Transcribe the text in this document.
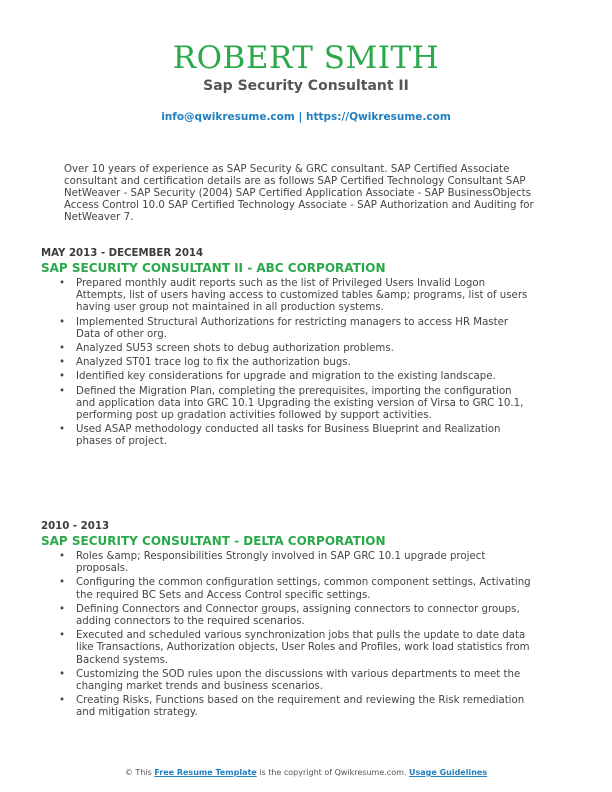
ROBERT SMITH
Sap Security Consultant II
info@qwikresume.com | https://Qwikresume.com
Over 10 years of experience as SAP Security & GRC consultant. SAP Certified Associate consultant and certification details are as follows SAP Certified Technology Consultant SAP NetWeaver - SAP Security (2004) SAP Certified Application Associate - SAP BusinessObjects Access Control 10.0 SAP Certified Technology Associate - SAP Authorization and Auditing for NetWeaver 7.
MAY 2013 - DECEMBER 2014
SAP SECURITY CONSULTANT II - ABC CORPORATION
• Prepared monthly audit reports such as the list of Privileged Users Invalid Logon Attempts, list of users having access to customized tables &amp; programs, list of users having user group not maintained in all production systems.
• Implemented Structural Authorizations for restricting managers to access HR Master Data of other org.
• Analyzed SU53 screen shots to debug authorization problems.
• Analyzed ST01 trace log to fix the authorization bugs.
• Identified key considerations for upgrade and migration to the existing landscape.
• Defined the Migration Plan, completing the prerequisites, importing the configuration and application data into GRC 10.1 Upgrading the existing version of Virsa to GRC 10.1, performing post up gradation activities followed by support activities.
• Used ASAP methodology conducted all tasks for Business Blueprint and Realization phases of project.
2010 - 2013
SAP SECURITY CONSULTANT - DELTA CORPORATION
• Roles &amp; Responsibilities Strongly involved in SAP GRC 10.1 upgrade project proposals.
• Configuring the common configuration settings, common component settings, Activating the required BC Sets and Access Control specific settings.
• Defining Connectors and Connector groups, assigning connectors to connector groups, adding connectors to the required scenarios.
• Executed and scheduled various synchronization jobs that pulls the update to date data like Transactions, Authorization objects, User Roles and Profiles, work load statistics from Backend systems.
• Customizing the SOD rules upon the discussions with various departments to meet the changing market trends and business scenarios.
• Creating Risks, Functions based on the requirement and reviewing the Risk remediation and mitigation strategy.
© This Free Resume Template is the copyright of Qwikresume.com. Usage Guidelines
